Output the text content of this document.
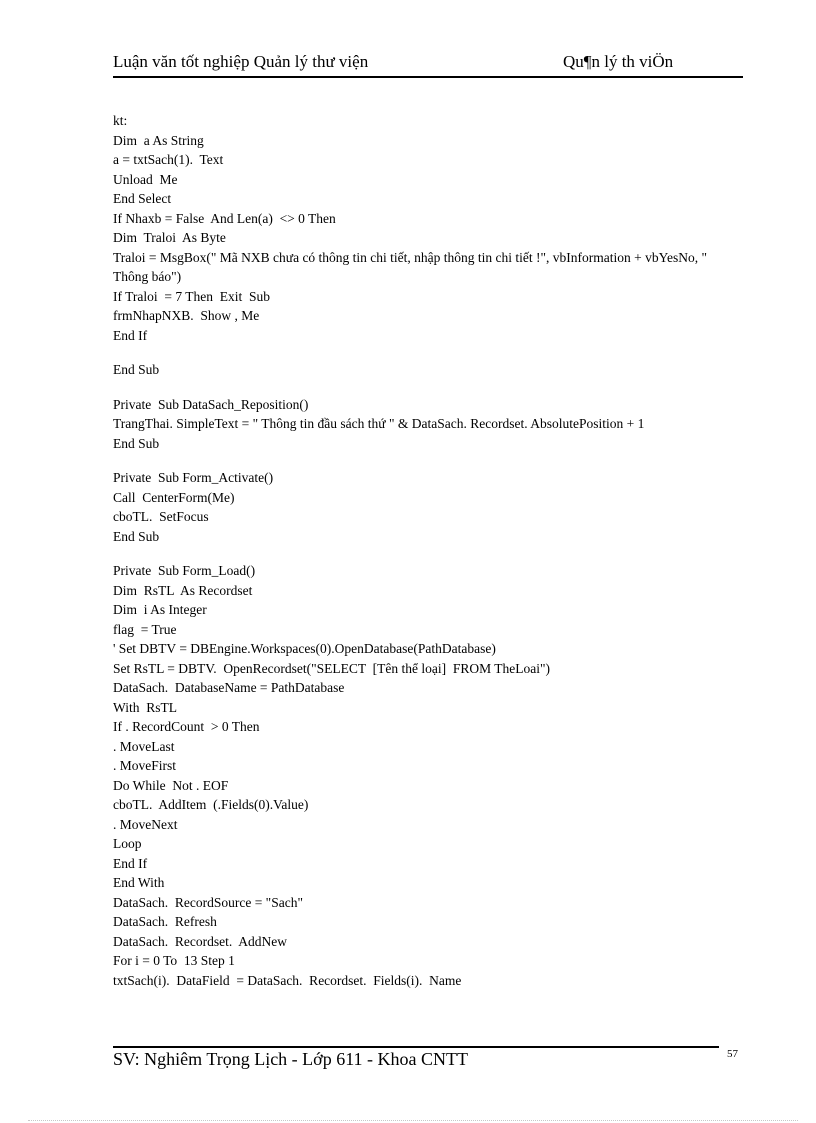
Luận văn tốt nghiệp Quản lý thư viện	Qu¶n lý th viÖn
kt:
Dim  a As String
a = txtSach(1).  Text
Unload  Me
End Select
If Nhaxb = False  And Len(a)  <> 0 Then
Dim  Traloi  As Byte
Traloi = MsgBox(" Mã NXB chưa có thông tin chi tiết, nhập thông tin chi tiết !", vbInformation + vbYesNo, " Thông báo")
If Traloi  = 7 Then  Exit  Sub
frmNhapNXB.  Show , Me
End If
End Sub
Private  Sub DataSach_Reposition()
TrangThai. SimpleText = " Thông tin đầu sách thứ " & DataSach. Recordset. AbsolutePosition + 1
End Sub
Private  Sub Form_Activate()
Call  CenterForm(Me)
cboTL.  SetFocus
End Sub
Private  Sub Form_Load()
Dim  RsTL  As Recordset
Dim  i As Integer
flag  = True
' Set DBTV = DBEngine.Workspaces(0).OpenDatabase(PathDatabase)
Set RsTL = DBTV.  OpenRecordset("SELECT  [Tên thể loại]  FROM TheLoai")
DataSach.  DatabaseName = PathDatabase
With  RsTL
If . RecordCount  > 0 Then
. MoveLast
. MoveFirst
Do While  Not . EOF
cboTL.  AddItem  (.Fields(0).Value)
. MoveNext
Loop
End If
End With
DataSach.  RecordSource = "Sach"
DataSach.  Refresh
DataSach.  Recordset.  AddNew
For i = 0 To  13 Step 1
txtSach(i).  DataField  = DataSach.  Recordset.  Fields(i).  Name
SV: Nghiêm Trọng Lịch - Lớp 611 - Khoa CNTT	57
